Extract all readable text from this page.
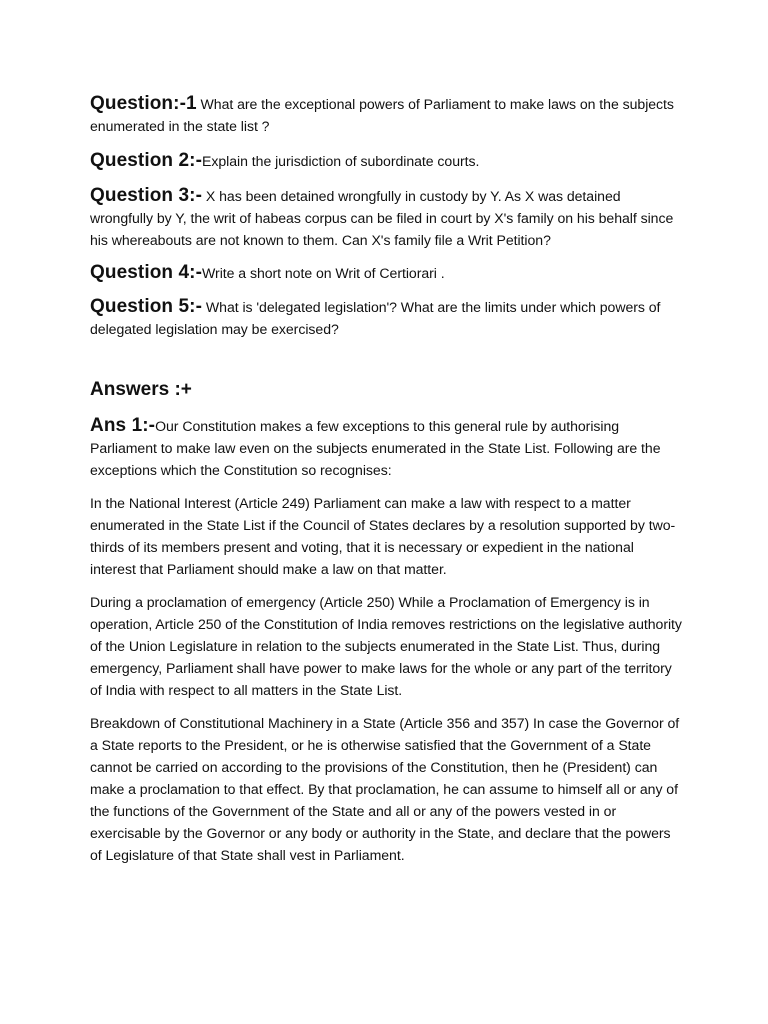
Question:-1 What are the exceptional powers of Parliament to make laws on the subjects enumerated in the state list ?

Question 2:-Explain the jurisdiction of subordinate courts.

Question 3:- X has been detained wrongfully in custody by Y. As X was detained wrongfully by Y, the writ of habeas corpus can be filed in court by X's family on his behalf since his whereabouts are not known to them. Can X's family file a Writ Petition?

Question 4:-Write a short note on Writ of Certiorari .

Question 5:- What is 'delegated legislation'? What are the limits under which powers of delegated legislation may be exercised?

Answers :+

Ans 1:-Our Constitution makes a few exceptions to this general rule by authorising Parliament to make law even on the subjects enumerated in the State List. Following are the exceptions which the Constitution so recognises:

In the National Interest (Article 249) Parliament can make a law with respect to a matter enumerated in the State List if the Council of States declares by a resolution supported by two-thirds of its members present and voting, that it is necessary or expedient in the national interest that Parliament should make a law on that matter.

During a proclamation of emergency (Article 250) While a Proclamation of Emergency is in operation, Article 250 of the Constitution of India removes restrictions on the legislative authority of the Union Legislature in relation to the subjects enumerated in the State List. Thus, during emergency, Parliament shall have power to make laws for the whole or any part of the territory of India with respect to all matters in the State List.

Breakdown of Constitutional Machinery in a State (Article 356 and 357) In case the Governor of a State reports to the President, or he is otherwise satisfied that the Government of a State cannot be carried on according to the provisions of the Constitution, then he (President) can make a proclamation to that effect. By that proclamation, he can assume to himself all or any of the functions of the Government of the State and all or any of the powers vested in or exercisable by the Governor or any body or authority in the State, and declare that the powers of Legislature of that State shall vest in Parliament.
